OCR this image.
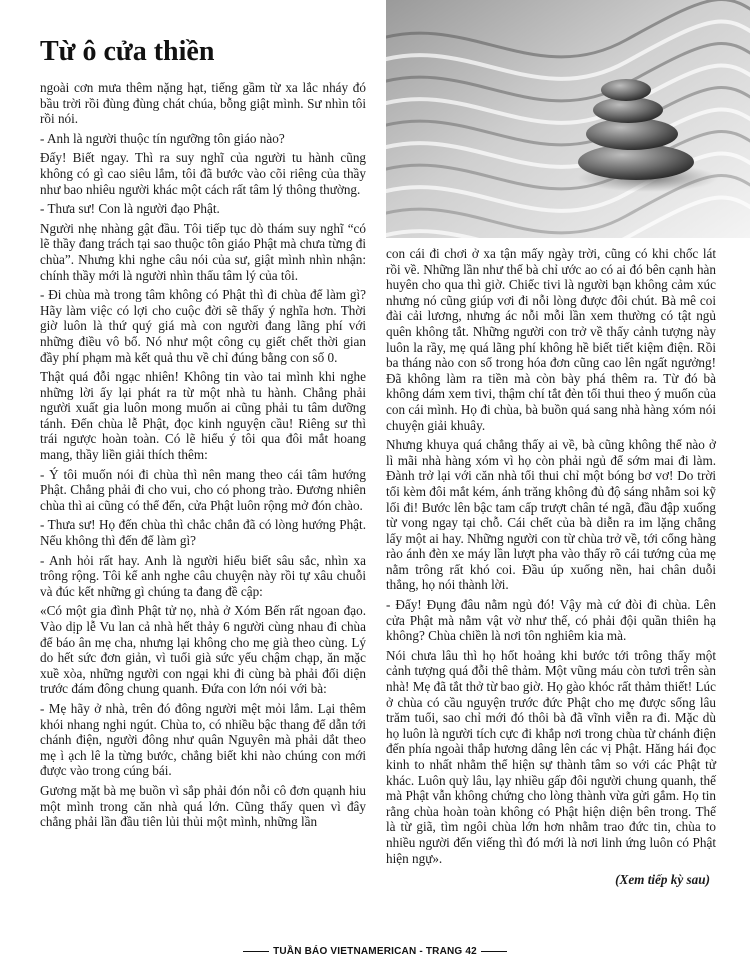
Từ ô cửa thiền

ngoài cơn mưa thêm nặng hạt, tiếng gầm từ xa lắc nháy đó bầu trời rồi đùng đùng chát chúa, bỗng giật mình. Sư nhìn tôi rồi nói.

- Anh là người thuộc tín ngưỡng tôn giáo nào?

Đấy! Biết ngay. Thì ra suy nghĩ của người tu hành cũng không có gì cao siêu lắm, tôi đã bước vào cõi riêng của thầy như bao nhiêu người khác một cách rất tâm lý thông thường.

- Thưa sư! Con là người đạo Phật.

Người nhẹ nhàng gật đầu. Tôi tiếp tục dò thám suy nghĩ “có lẽ thầy đang trách tại sao thuộc tôn giáo Phật mà chưa từng đi chùa”. Nhưng khi nghe câu nói của sư, giật mình nhìn nhận: chính thầy mới là người nhìn thấu tâm lý của tôi.

- Đi chùa mà trong tâm không có Phật thì đi chùa để làm gì? Hãy làm việc có lợi cho cuộc đời sẽ thấy ý nghĩa hơn. Thời giờ luôn là thứ quý giá mà con người đang lãng phí với những điều vô bổ. Nó như một công cụ giết chết thời gian đầy phí phạm mà kết quả thu về chỉ đúng bằng con số 0.

Thật quá đỗi ngạc nhiên! Không tin vào tai mình khi nghe những lời ấy lại phát ra từ một nhà tu hành. Chẳng phải người xuất gia luôn mong muốn ai cũng phải tu tâm dưỡng tánh. Đến chùa lễ Phật, đọc kinh nguyện cầu! Riêng sư thì trái ngược hoàn toàn. Có lẽ hiểu ý tôi qua đôi mắt hoang mang, thầy liền giải thích thêm:

- Ý tôi muốn nói đi chùa thì nên mang theo cái tâm hướng Phật. Chẳng phải đi cho vui, cho có phong trào. Đương nhiên chùa thì ai cũng có thể đến, cửa Phật luôn rộng mở đón chào.

- Thưa sư! Họ đến chùa thì chắc chắn đã có lòng hướng Phật. Nếu không thì đến để làm gì?

- Anh hỏi rất hay. Anh là người hiểu biết sâu sắc, nhìn xa trông rộng. Tôi kể anh nghe câu chuyện này rồi tự xâu chuỗi và đúc kết những gì chúng ta đang đề cập:

«Có một gia đình Phật tử nọ, nhà ở Xóm Bến rất ngoan đạo. Vào dịp lễ Vu lan cả nhà hết thảy 6 người cùng nhau đi chùa để báo ân mẹ cha, nhưng lại không cho mẹ già theo cùng. Lý do hết sức đơn giản, vì tuổi già sức yếu chậm chạp, ăn mặc xuề xòa, những người con ngại khi đi cùng bà phải đối diện trước đám đông chung quanh. Đứa con lớn nói với bà:

- Mẹ hãy ở nhà, trên đó đông người mệt mỏi lắm. Lại thêm khói nhang nghi ngút. Chùa to, có nhiều bậc thang để dẫn tới chánh điện, người đông như quân Nguyên mà phải dắt theo mẹ ì ạch lê la từng bước, chẳng biết khi nào chúng con mới được vào trong cúng bái.

Gương mặt bà mẹ buồn vì sắp phải đón nỗi cô đơn quạnh hiu một mình trong căn nhà quá lớn. Cũng thấy quen vì đây chẳng phải lần đầu tiên lủi thủi một mình, những lần

con cái đi chơi ở xa tận mấy ngày trời, cũng có khi chốc lát rồi về. Những lần như thế bà chỉ ước ao có ai đó bên cạnh hàn huyên cho qua thì giờ. Chiếc tivi là người bạn không cảm xúc nhưng nó cũng giúp vơi đi nỗi lòng được đôi chút. Bà mê coi đài cải lương, nhưng ác nỗi mỗi lần xem thường có tật ngủ quên không tắt. Những người con trở về thấy cảnh tượng này luôn la rầy, mẹ quá lãng phí không hề biết tiết kiệm điện. Rồi ba tháng nào con số trong hóa đơn cũng cao lên ngất ngưởng! Đã không làm ra tiền mà còn bày phá thêm ra. Từ đó bà không dám xem tivi, thậm chí tắt đèn tối thui theo ý muốn của con cái mình. Họ đi chùa, bà buồn quá sang nhà hàng xóm nói chuyện giải khuây.

Nhưng khuya quá chẳng thấy ai về, bà cũng không thể nào ở lì mãi nhà hàng xóm vì họ còn phải ngủ để sớm mai đi làm. Đành trở lại với căn nhà tối thui chỉ một bóng bơ vơ! Do trời tối kèm đôi mắt kém, ánh trăng không đủ độ sáng nhằm soi kỹ lối đi! Bước lên bậc tam cấp trượt chân té ngã, đầu đập xuống từ vong ngay tại chỗ. Cái chết của bà diễn ra im lặng chẳng lấy một ai hay. Những người con từ chùa trở về, tới cổng hàng rào ánh đèn xe máy lần lượt pha vào thấy rõ cái tướng của mẹ nằm trông rất khó coi. Đầu úp xuống nền, hai chân duỗi thẳng, họ nói thành lời.

- Đấy! Đụng đâu nằm ngủ đó! Vậy mà cứ đòi đi chùa. Lên cửa Phật mà nằm vật vờ như thế, có phải đội quần thiên hạ không? Chùa chiền là nơi tôn nghiêm kia mà.

Nói chưa lâu thì họ hốt hoảng khi bước tới trông thấy một cảnh tượng quá đỗi thê thảm. Một vũng máu còn tươi trên sàn nhà! Mẹ đã tắt thở từ bao giờ. Họ gào khóc rất thảm thiết! Lúc ở chùa có cầu nguyện trước đức Phật cho mẹ được sống lâu trăm tuổi, sao chỉ mới đó thôi bà đã vĩnh viễn ra đi. Mặc dù họ luôn là người tích cực đi khắp nơi trong chùa từ chánh điện đến phía ngoài thắp hương dâng lên các vị Phật. Hăng hái đọc kinh to nhất nhằm thể hiện sự thành tâm so với các Phật tử khác. Luôn quỳ lâu, lạy nhiều gấp đôi người chung quanh, thế mà Phật vẫn không chứng cho lòng thành vừa gửi gắm. Họ tin rằng chùa hoàn toàn không có Phật hiện diện bên trong. Thế là từ giã, tìm ngôi chùa lớn hơn nhằm trao đức tin, chùa to nhiều người đến viếng thì đó mới là nơi linh ứng luôn có Phật hiện ngự».

(Xem tiếp kỳ sau)

TUẦN BÁO VIETNAMERICAN - TRANG 42
